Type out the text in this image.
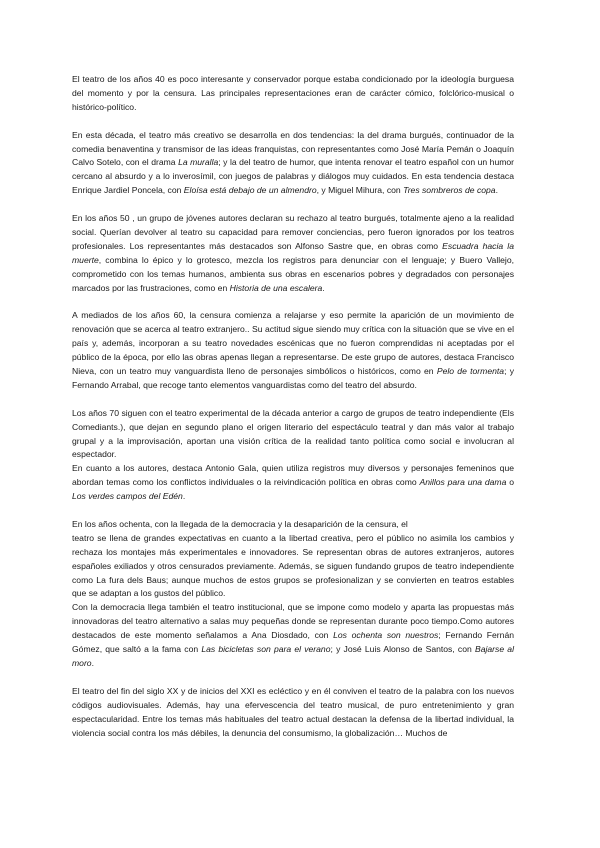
El teatro de los años 40 es poco interesante y conservador porque estaba condicionado por la ideología burguesa del momento y por la censura. Las principales representaciones eran de carácter cómico, folclórico-musical o histórico-político.

En esta década, el teatro más creativo se desarrolla en dos tendencias: la del drama burgués, continuador de la comedia benaventina y transmisor de las ideas franquistas, con representantes como José María Pemán o Joaquín Calvo Sotelo, con el drama La muralla; y la del teatro de humor, que intenta renovar el teatro español con un humor cercano al absurdo y a lo inverosímil, con juegos de palabras y diálogos muy cuidados. En esta tendencia destaca Enrique Jardiel Poncela, con Eloísa está debajo de un almendro, y Miguel Mihura, con Tres sombreros de copa.

En los años 50 , un grupo de jóvenes autores declaran su rechazo al teatro burgués, totalmente ajeno a la realidad social. Querían devolver al teatro su capacidad para remover conciencias, pero fueron ignorados por los teatros profesionales. Los representantes más destacados son Alfonso Sastre que, en obras como Escuadra hacia la muerte, combina lo épico y lo grotesco, mezcla los registros para denunciar con el lenguaje; y Buero Vallejo, comprometido con los temas humanos, ambienta sus obras en escenarios pobres y degradados con personajes marcados por las frustraciones, como en Historia de una escalera.

A mediados de los años 60, la censura comienza a relajarse y eso permite la aparición de un movimiento de renovación que se acerca al teatro extranjero.. Su actitud sigue siendo muy crítica con la situación que se vive en el país y, además, incorporan a su teatro novedades escénicas que no fueron comprendidas ni aceptadas por el público de la época, por ello las obras apenas llegan a representarse. De este grupo de autores, destaca Francisco Nieva, con un teatro muy vanguardista lleno de personajes simbólicos o históricos, como en Pelo de tormenta; y Fernando Arrabal, que recoge tanto elementos vanguardistas como del teatro del absurdo.

Los años 70 siguen con el teatro experimental de la década anterior a cargo de grupos de teatro independiente (Els Comediants.), que dejan en segundo plano el origen literario del espectáculo teatral y dan más valor al trabajo grupal y a la improvisación, aportan una visión crítica de la realidad tanto política como social e involucran al espectador.

En cuanto a los autores, destaca Antonio Gala, quien utiliza registros muy diversos y personajes femeninos que abordan temas como los conflictos individuales o la reivindicación política en obras como Anillos para una dama o Los verdes campos del Edén.

En los años ochenta, con la llegada de la democracia y la desaparición de la censura, el

teatro se llena de grandes expectativas en cuanto a la libertad creativa, pero el público no asimila los cambios y rechaza los montajes más experimentales e innovadores. Se representan obras de autores extranjeros, autores españoles exiliados y otros censurados previamente. Además, se siguen fundando grupos de teatro independiente como La fura dels Baus; aunque muchos de estos grupos se profesionalizan y se convierten en teatros estables que se adaptan a los gustos del público.

Con la democracia llega también el teatro institucional, que se impone como modelo y aparta las propuestas más innovadoras del teatro alternativo a salas muy pequeñas donde se representan durante poco tiempo.Como autores destacados de este momento señalamos a Ana Diosdado, con Los ochenta son nuestros; Fernando Fernán Gómez, que saltó a la fama con Las bicicletas son para el verano; y José Luis Alonso de Santos, con Bajarse al moro.

El teatro del fin del siglo XX y de inicios del XXI es ecléctico y en él conviven el teatro de la palabra con los nuevos códigos audiovisuales. Además, hay una efervescencia del teatro musical, de puro entretenimiento y gran espectacularidad. Entre los temas más habituales del teatro actual destacan la defensa de la libertad individual, la violencia social contra los más débiles, la denuncia del consumismo, la globalización… Muchos de
